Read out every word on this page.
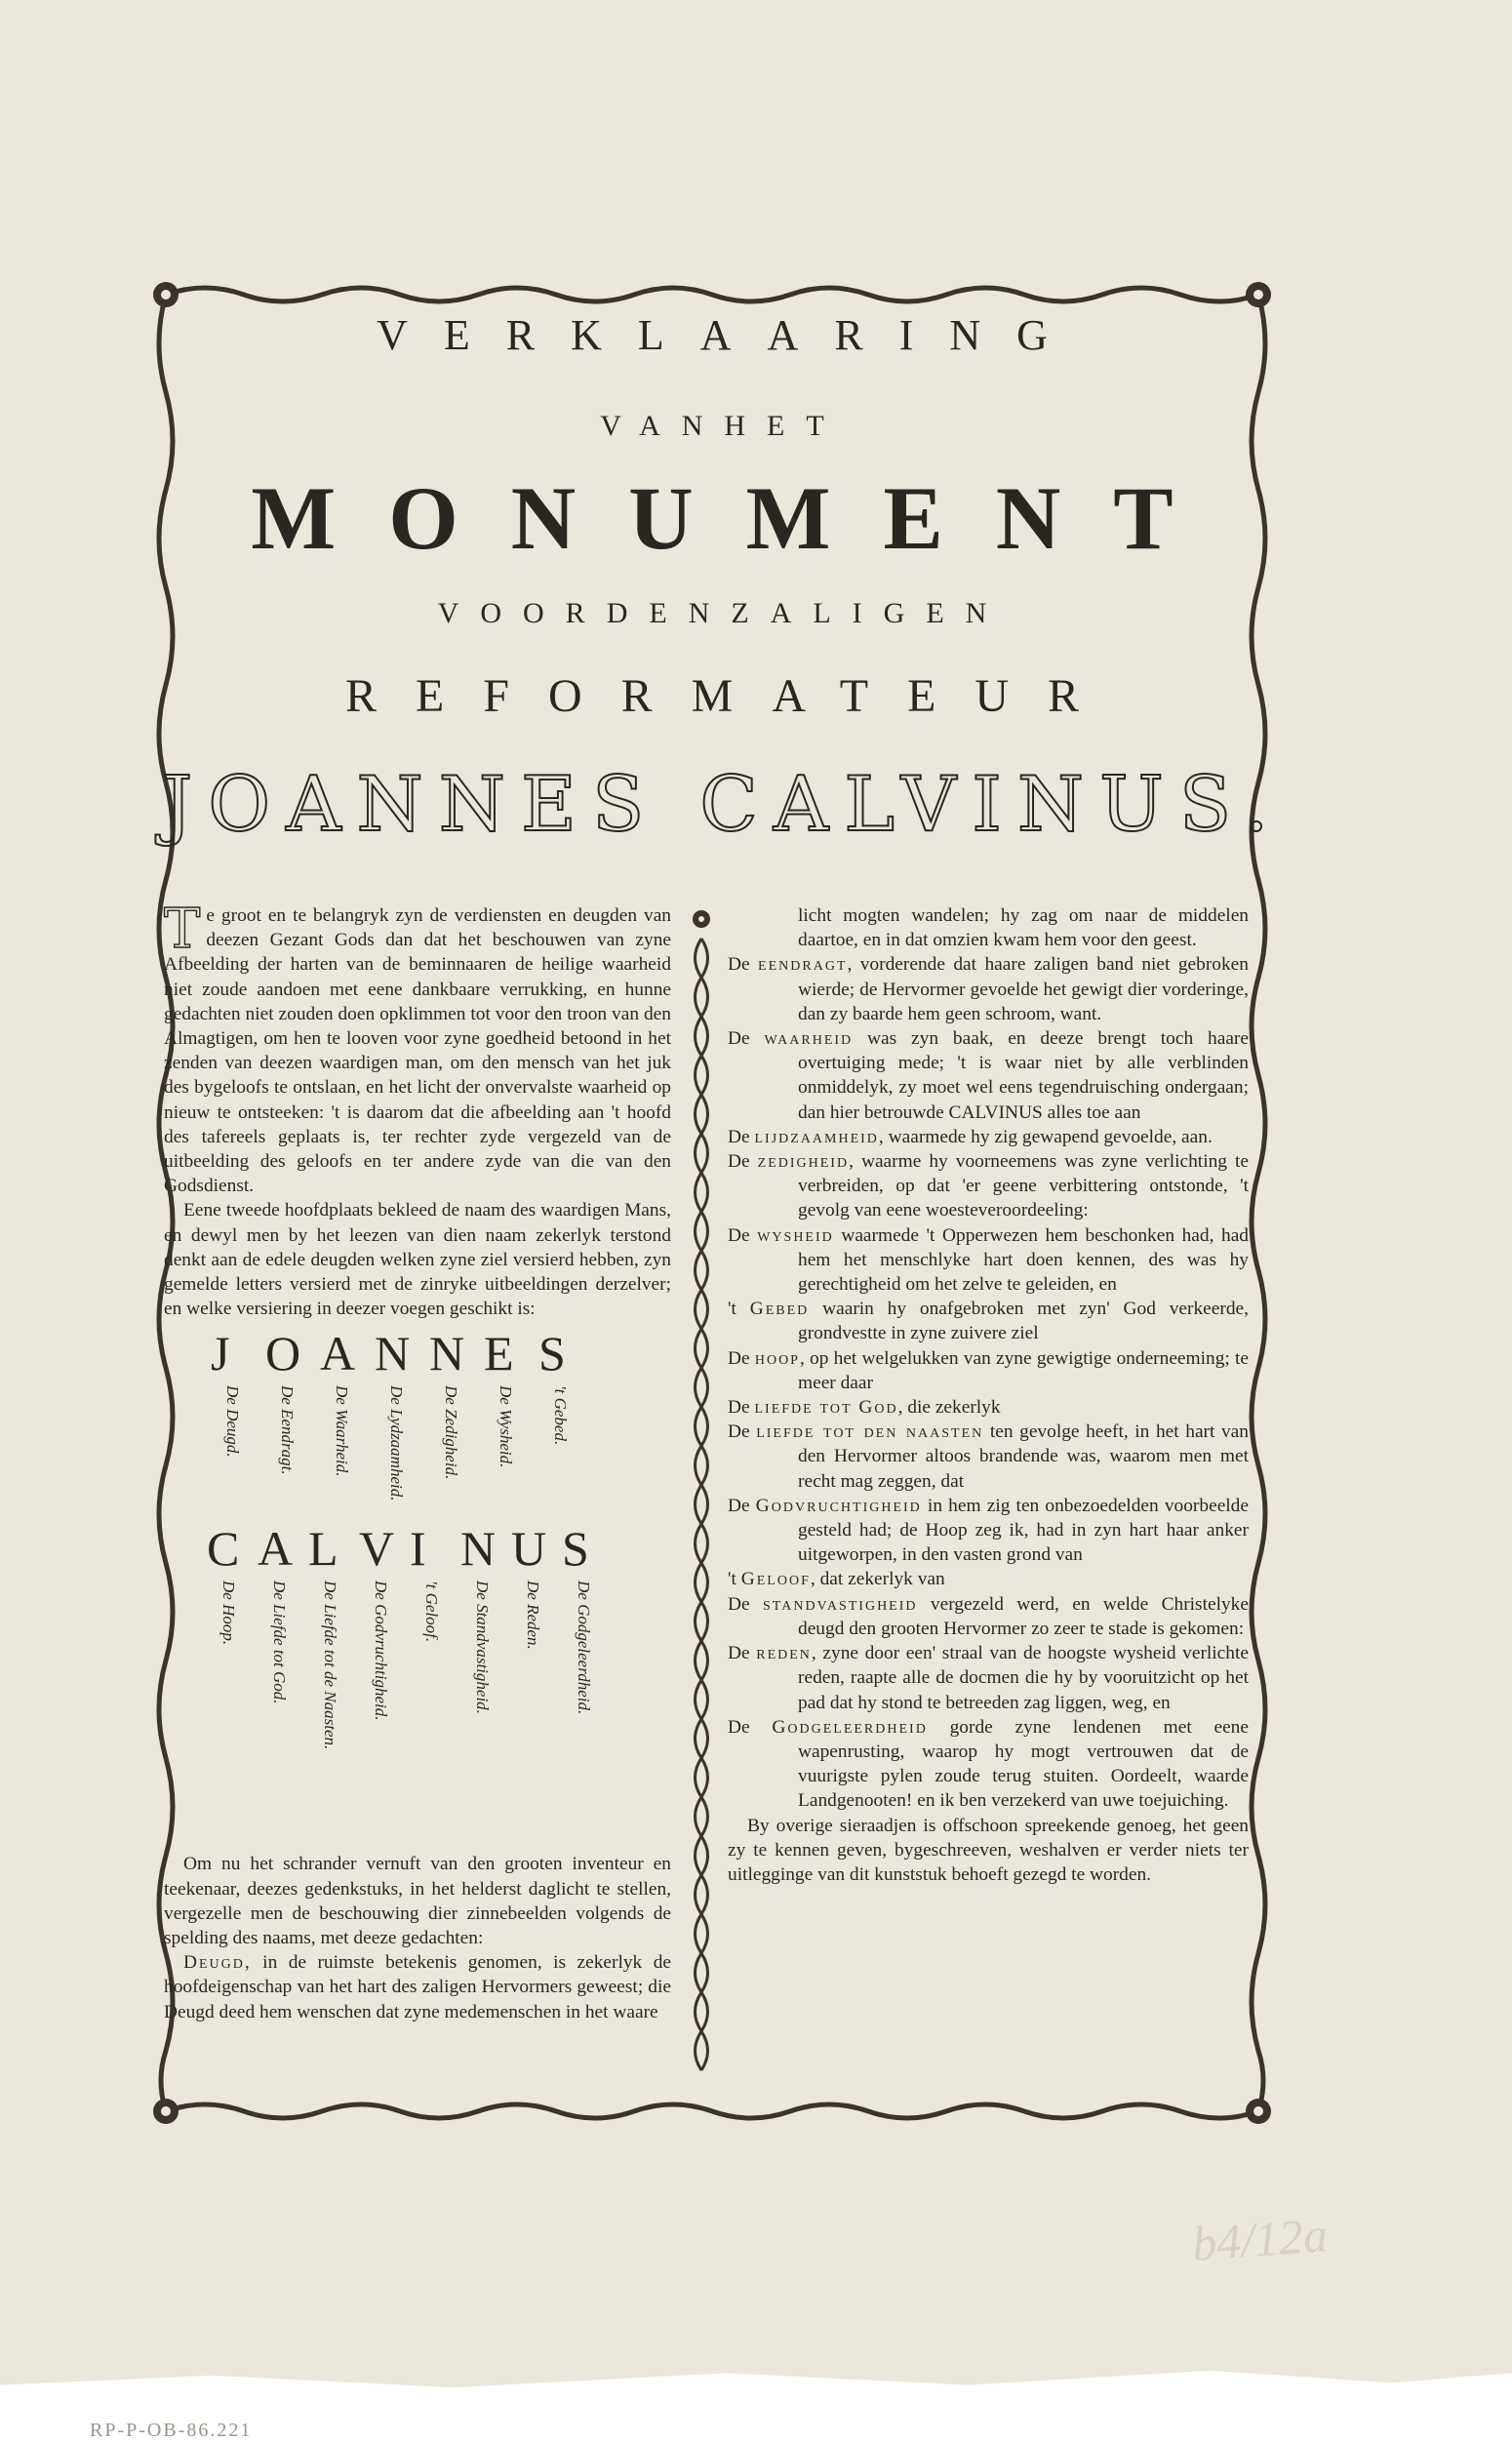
VERKLAARING
VANHET
MONUMENT
VOORDENZALIGEN
REFORMATEUR
JOANNES CALVINUS.

Te groot en te belangryk zyn de verdiensten en deugden van deezen Gezant Gods dan dat het beschouwen van zyne Afbeelding der harten van de beminnaaren de heilige waarheid niet zoude aandoen met eene dankbaare verrukking, en hunne gedachten niet zouden doen opklimmen tot voor den troon van den Almagtigen, om hen te looven voor zyne goedheid betoond in het zenden van deezen waardigen man, om den mensch van het juk des bygeloofs te ontslaan, en het licht der onvervalste waarheid op nieuw te ontsteeken: 't is daarom dat die afbeelding aan 't hoofd des tafereels geplaats is, ter rechter zyde vergezeld van de uitbeelding des geloofs en ter andere zyde van die van den Godsdienst.

Eene tweede hoofdplaats bekleed de naam des waardigen Mans, en dewyl men by het leezen van dien naam zekerlyk terstond denkt aan de edele deugden welken zyne ziel versierd hebben, zyn gemelde letters versierd met de zinryke uitbeeldingen derzelver; en welke versiering in deezer voegen geschikt is:

J O A N N E S
De Deugd. De Eendragt. De Waarheid. De Lydzaamheid. De Zedigheid. De Wysheid. 't Gebed.
C A L V I N U S
De Hoop. De Liefde tot God. De Liefde tot de Naasten. De Godvruchtigheid. 't Geloof. De Standvastigheid. De Reden. De Godgeleerdheid.

Om nu het schrander vernuft van den grooten inventeur en teekenaar, deezes gedenkstuks, in het helderst daglicht te stellen, vergezelle men de beschouwing dier zinnebeelden volgends de spelding des naams, met deeze gedachten:

Deugd, in de ruimste betekenis genomen, is zekerlyk de hoofdeigenschap van het hart des zaligen Hervormers geweest; die Deugd deed hem wenschen dat zyne medemenschen in het waare

licht mogten wandelen; hy zag om naar de middelen daartoe, en in dat omzien kwam hem voor den geest.

De eendragt, vorderende dat haare zaligen band niet gebroken wierde; de Hervormer gevoelde het gewigt dier vorderinge, dan zy baarde hem geen schroom, want.

De waarheid was zyn baak, en deeze brengt toch haare overtuiging mede; 't is waar niet by alle verblinden onmiddelyk, zy moet wel eens tegendruisching ondergaan; dan hier betrouwde CALVINUS alles toe aan

De lijdzaamheid, waarmede hy zig gewapend gevoelde, aan.

De zedigheid, waarme hy voorneemens was zyne verlichting te verbreiden, op dat 'er geene verbittering ontstonde, 't gevolg van eene woesteveroordeeling:

De wysheid waarmede 't Opperwezen hem beschonken had, had hem het menschlyke hart doen kennen, des was hy gerechtigheid om het zelve te geleiden, en

't Gebed waarin hy onafgebroken met zyn' God verkeerde, grondvestte in zyne zuivere ziel

De hoop, op het welgelukken van zyne gewigtige onderneeming; te meer daar

De liefde tot God, die zekerlyk

De liefde tot den naasten ten gevolge heeft, in het hart van den Hervormer altoos brandende was, waarom men met recht mag zeggen, dat

De Godvruchtigheid in hem zig ten onbezoedelden voorbeelde gesteld had; de Hoop zeg ik, had in zyn hart haar anker uitgeworpen, in den vasten grond van

't Geloof, dat zekerlyk van

De standvastigheid vergezeld werd, en welde Christelyke deugd den grooten Hervormer zo zeer te stade is gekomen:

De reden, zyne door een' straal van de hoogste wysheid verlichte reden, raapte alle de docmen die hy by vooruitzicht op het pad dat hy stond te betreeden zag liggen, weg, en

De Godgeleerdheid gorde zyne lendenen met eene wapenrusting, waarop hy mogt vertrouwen dat de vuurigste pylen zoude terug stuiten. Oordeelt, waarde Landgenooten! en ik ben verzekerd van uwe toejuiching.

By overige sieraadjen is offschoon spreekende genoeg, het geen zy te kennen geven, bygeschreeven, weshalven er verder niets ter uitlegginge van dit kunststuk behoeft gezegd te worden.

b4/12a
RP-P-OB-86.221
